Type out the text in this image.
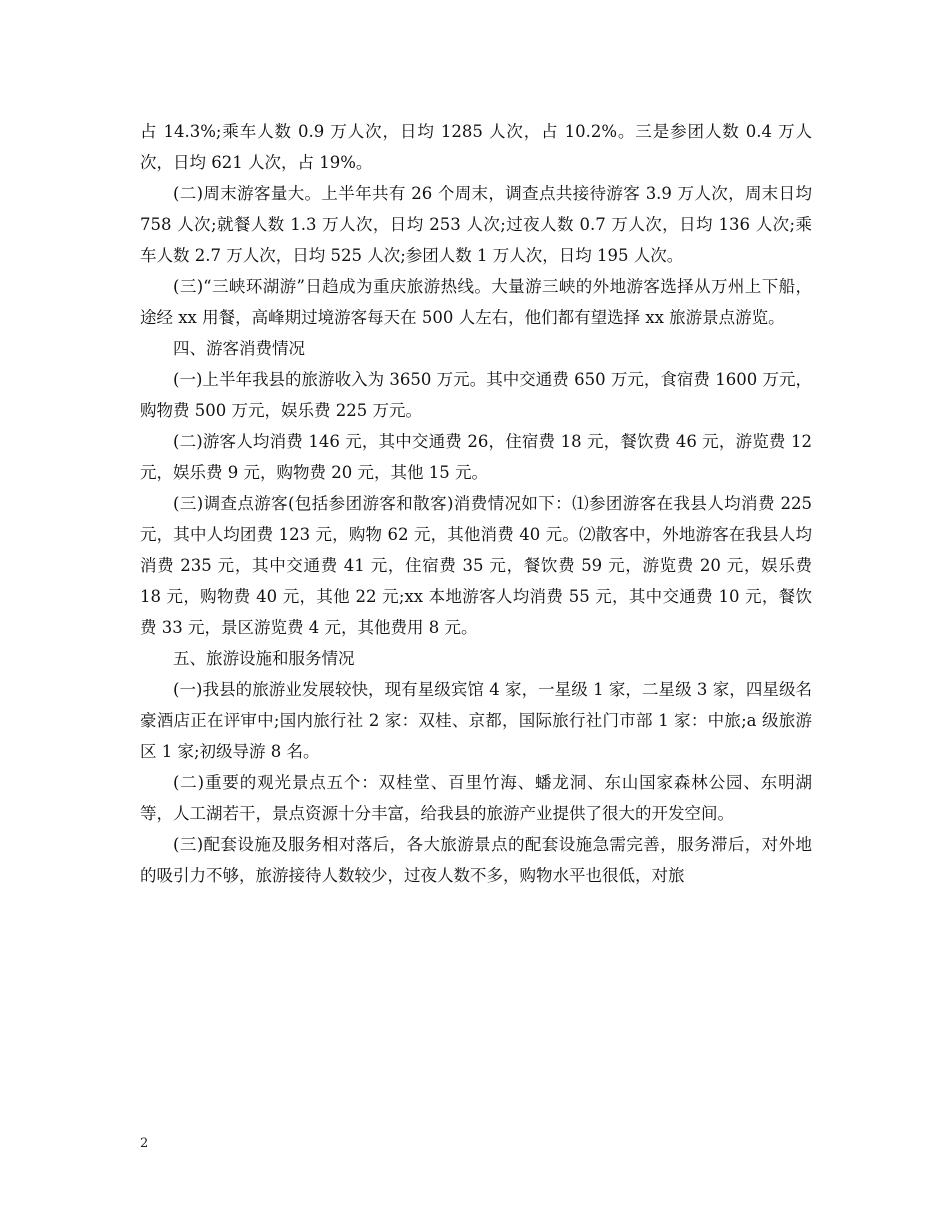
占 14.3%;乘车人数 0.9 万人次，日均 1285 人次，占 10.2%。三是参团人数 0.4 万人次，日均 621 人次，占 19%。

(二)周末游客量大。上半年共有 26 个周末，调查点共接待游客 3.9 万人次，周末日均 758 人次;就餐人数 1.3 万人次，日均 253 人次;过夜人数 0.7 万人次，日均 136 人次;乘车人数 2.7 万人次，日均 525 人次;参团人数 1 万人次，日均 195 人次。

(三)“三峡环湖游”日趋成为重庆旅游热线。大量游三峡的外地游客选择从万州上下船，途经 xx 用餐，高峰期过境游客每天在 500 人左右，他们都有望选择 xx 旅游景点游览。

四、游客消费情况

(一)上半年我县的旅游收入为 3650 万元。其中交通费 650 万元，食宿费 1600 万元，购物费 500 万元，娱乐费 225 万元。

(二)游客人均消费 146 元，其中交通费 26，住宿费 18 元，餐饮费 46 元，游览费 12 元，娱乐费 9 元，购物费 20 元，其他 15 元。

(三)调查点游客(包括参团游客和散客)消费情况如下：⑴参团游客在我县人均消费 225 元，其中人均团费 123 元，购物 62 元，其他消费 40 元。⑵散客中，外地游客在我县人均消费 235 元，其中交通费 41 元，住宿费 35 元，餐饮费 59 元，游览费 20 元，娱乐费 18 元，购物费 40 元，其他 22 元;xx 本地游客人均消费 55 元，其中交通费 10 元，餐饮费 33 元，景区游览费 4 元，其他费用 8 元。

五、旅游设施和服务情况

(一)我县的旅游业发展较快，现有星级宾馆 4 家，一星级 1 家，二星级 3 家，四星级名豪酒店正在评审中;国内旅行社 2 家：双桂、京都，国际旅行社门市部 1 家：中旅;a 级旅游区 1 家;初级导游 8 名。

(二)重要的观光景点五个：双桂堂、百里竹海、蟠龙洞、东山国家森林公园、东明湖等，人工湖若干，景点资源十分丰富，给我县的旅游产业提供了很大的开发空间。

(三)配套设施及服务相对落后，各大旅游景点的配套设施急需完善，服务滞后，对外地的吸引力不够，旅游接待人数较少，过夜人数不多，购物水平也很低，对旅

2
